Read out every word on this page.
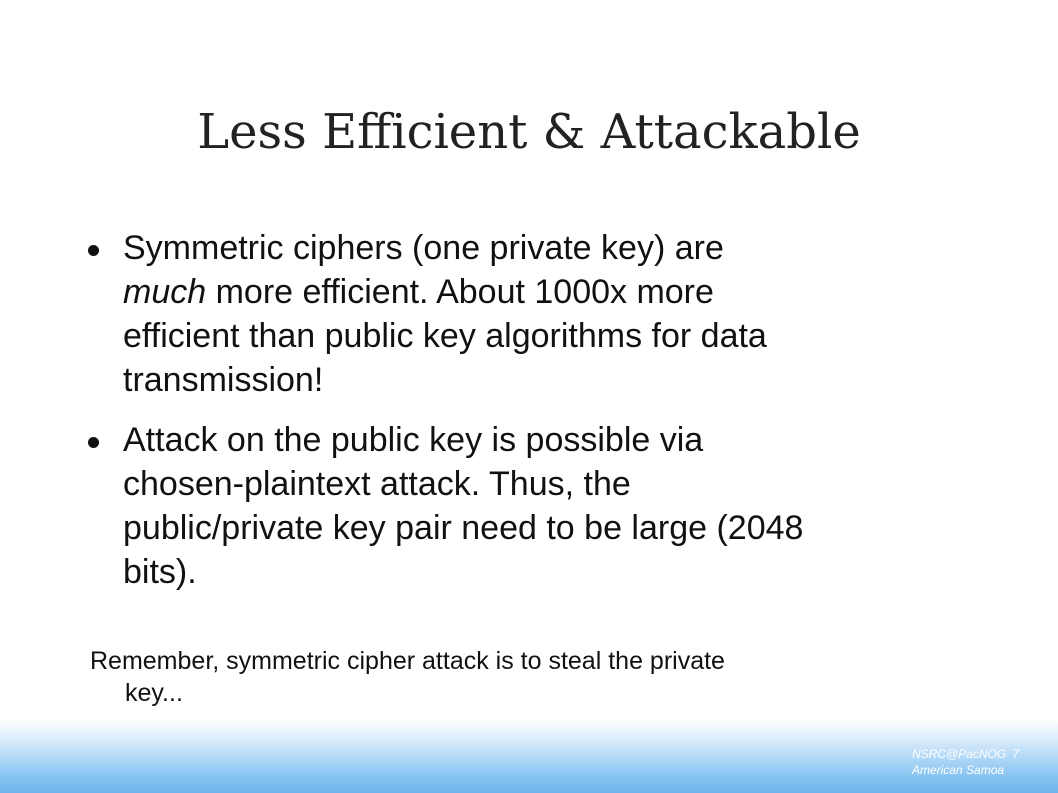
Less Efficient & Attackable
Symmetric ciphers (one private key) are
much more efficient. About 1000x more
efficient than public key algorithms for data
transmission!
Attack on the public key is possible via
chosen-plaintext attack. Thus, the
public/private key pair need to be large (2048
bits).

Remember, symmetric cipher attack is to steal the private
key...

NSRC@PacNOG 7
American Samoa
